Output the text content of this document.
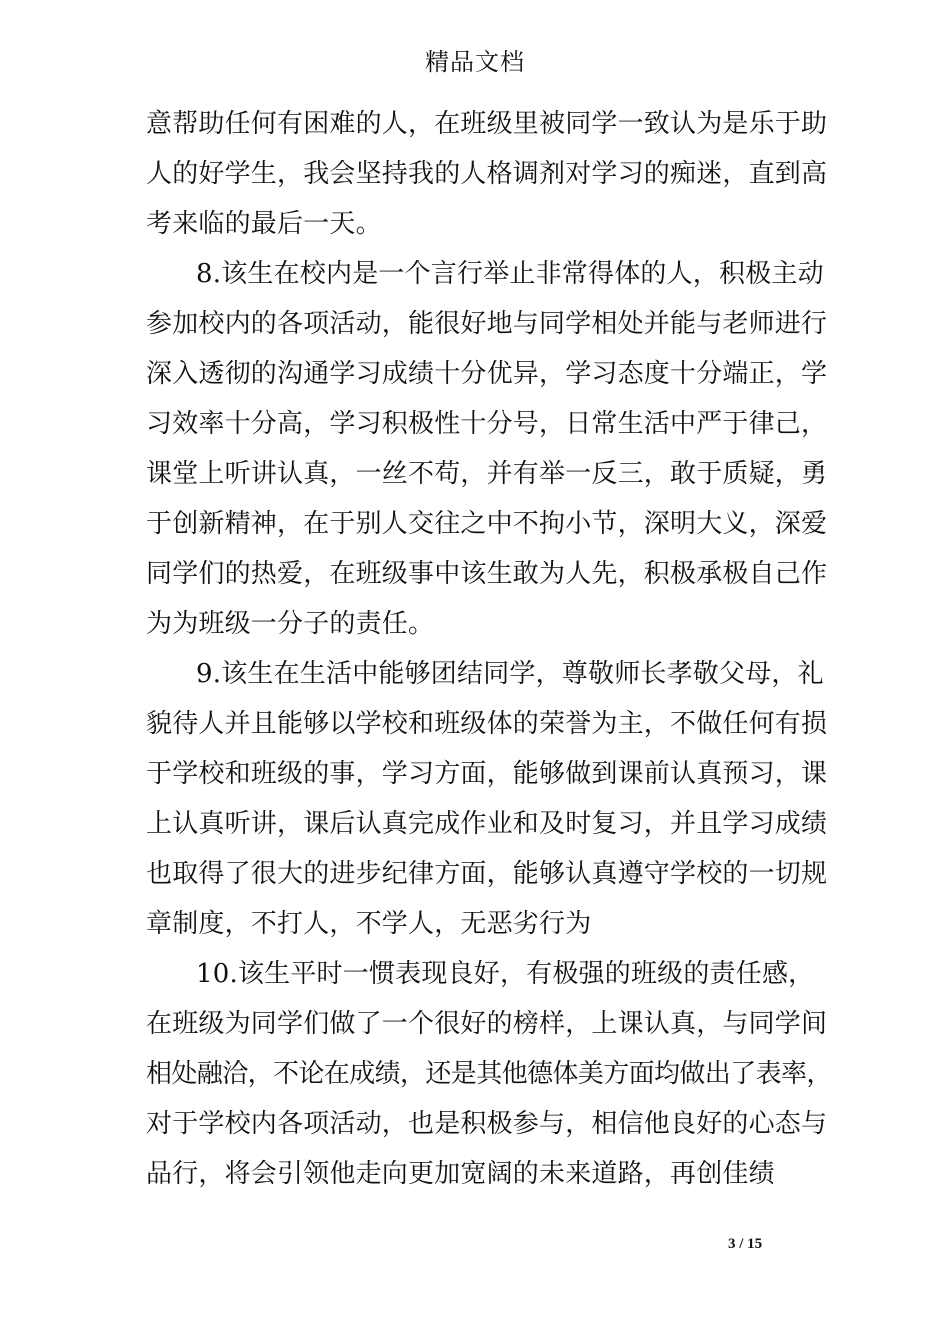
精品文档
意帮助任何有困难的人，在班级里被同学一致认为是乐于助
人的好学生，我会坚持我的人格调剂对学习的痴迷，直到高
考来临的最后一天。
8.该生在校内是一个言行举止非常得体的人，积极主动
参加校内的各项活动，能很好地与同学相处并能与老师进行
深入透彻的沟通学习成绩十分优异，学习态度十分端正，学
习效率十分高，学习积极性十分号，日常生活中严于律己，
课堂上听讲认真，一丝不苟，并有举一反三，敢于质疑，勇
于创新精神，在于别人交往之中不拘小节，深明大义，深爱
同学们的热爱，在班级事中该生敢为人先，积极承极自己作
为为班级一分子的责任。
9.该生在生活中能够团结同学，尊敬师长孝敬父母，礼
貌待人并且能够以学校和班级体的荣誉为主，不做任何有损
于学校和班级的事，学习方面，能够做到课前认真预习，课
上认真听讲，课后认真完成作业和及时复习，并且学习成绩
也取得了很大的进步纪律方面，能够认真遵守学校的一切规
章制度，不打人，不学人，无恶劣行为
10.该生平时一惯表现良好，有极强的班级的责任感，
在班级为同学们做了一个很好的榜样，上课认真，与同学间
相处融洽，不论在成绩，还是其他德体美方面均做出了表率，
对于学校内各项活动，也是积极参与，相信他良好的心态与
品行，将会引领他走向更加宽阔的未来道路，再创佳绩
3 / 15
